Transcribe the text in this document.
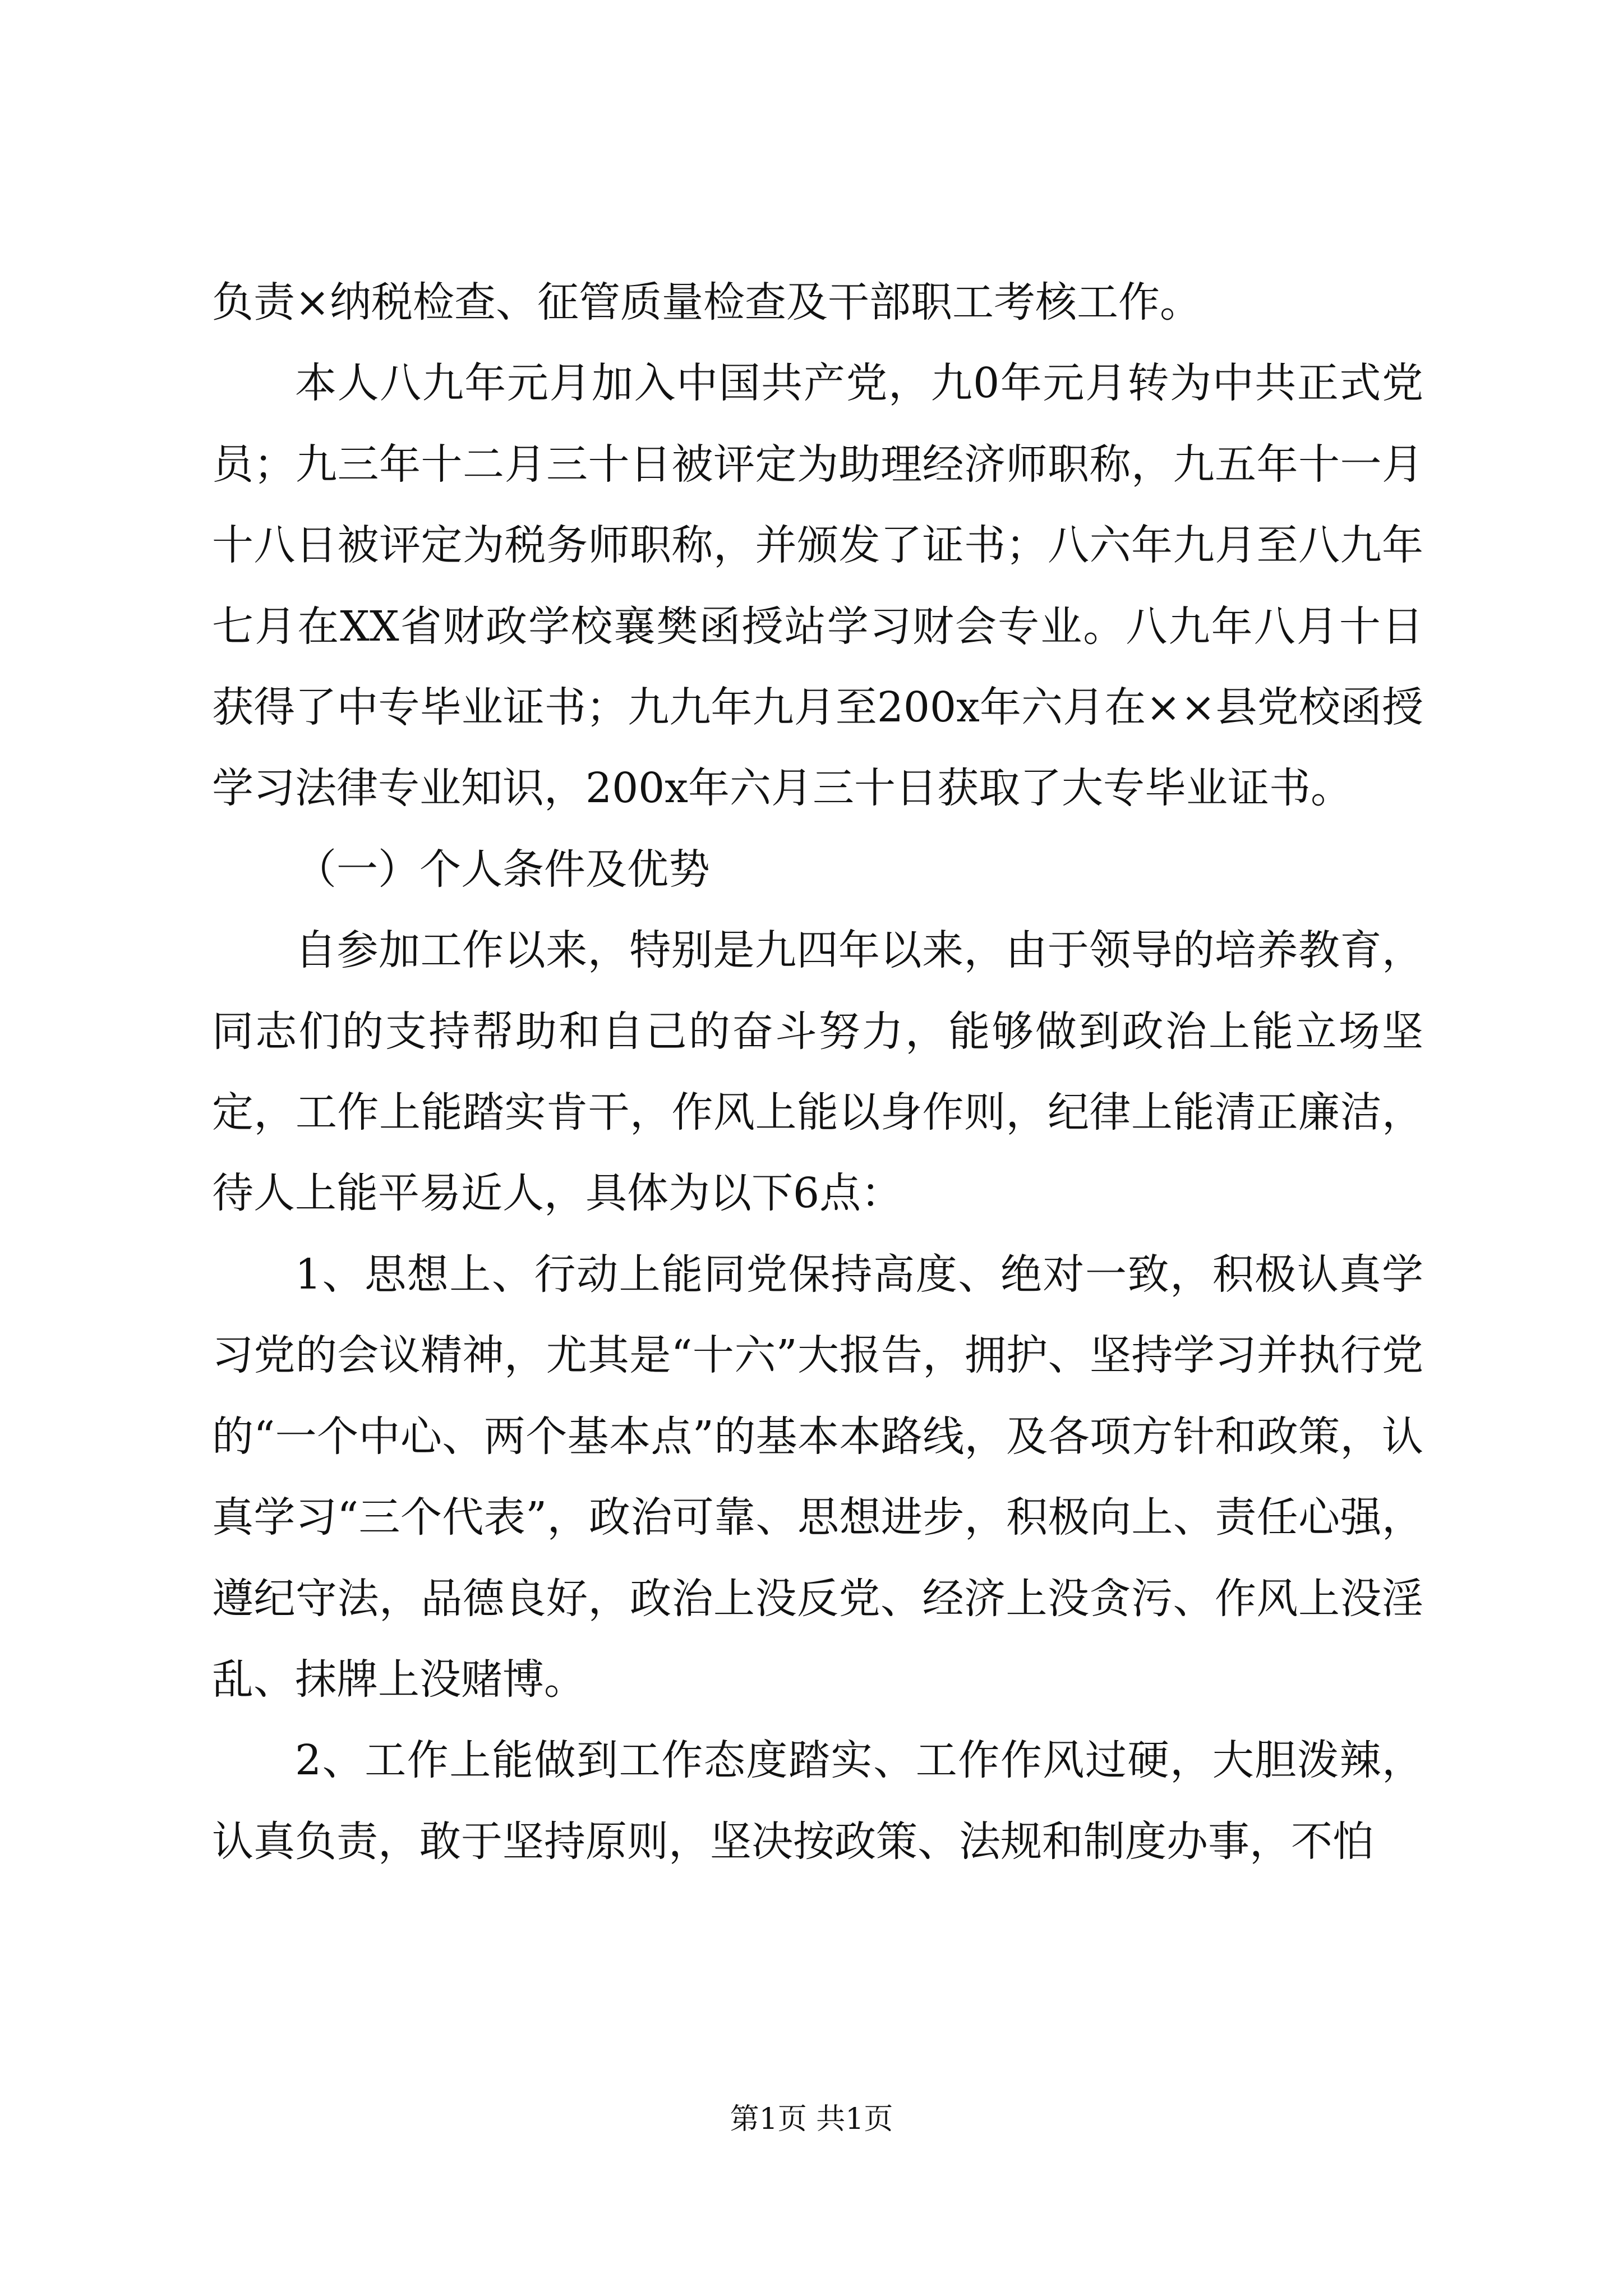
负责×纳税检查、征管质量检查及干部职工考核工作。

本人八九年元月加入中国共产党，九0年元月转为中共正式党员；九三年十二月三十日被评定为助理经济师职称，九五年十一月十八日被评定为税务师职称，并颁发了证书；八六年九月至八九年七月在XX省财政学校襄樊函授站学习财会专业。八九年八月十日获得了中专毕业证书；九九年九月至200x年六月在××县党校函授学习法律专业知识，200x年六月三十日获取了大专毕业证书。

（一）个人条件及优势

自参加工作以来，特别是九四年以来，由于领导的培养教育，同志们的支持帮助和自己的奋斗努力，能够做到政治上能立场坚定，工作上能踏实肯干，作风上能以身作则，纪律上能清正廉洁，待人上能平易近人，具体为以下6点：

1、思想上、行动上能同党保持高度、绝对一致，积极认真学习党的会议精神，尤其是“十六”大报告，拥护、坚持学习并执行党的“一个中心、两个基本点”的基本本路线，及各项方针和政策，认真学习“三个代表”，政治可靠、思想进步，积极向上、责任心强，遵纪守法，品德良好，政治上没反党、经济上没贪污、作风上没淫乱、抹牌上没赌博。

2、工作上能做到工作态度踏实、工作作风过硬，大胆泼辣，认真负责，敢于坚持原则，坚决按政策、法规和制度办事，不怕

第1页 共1页
